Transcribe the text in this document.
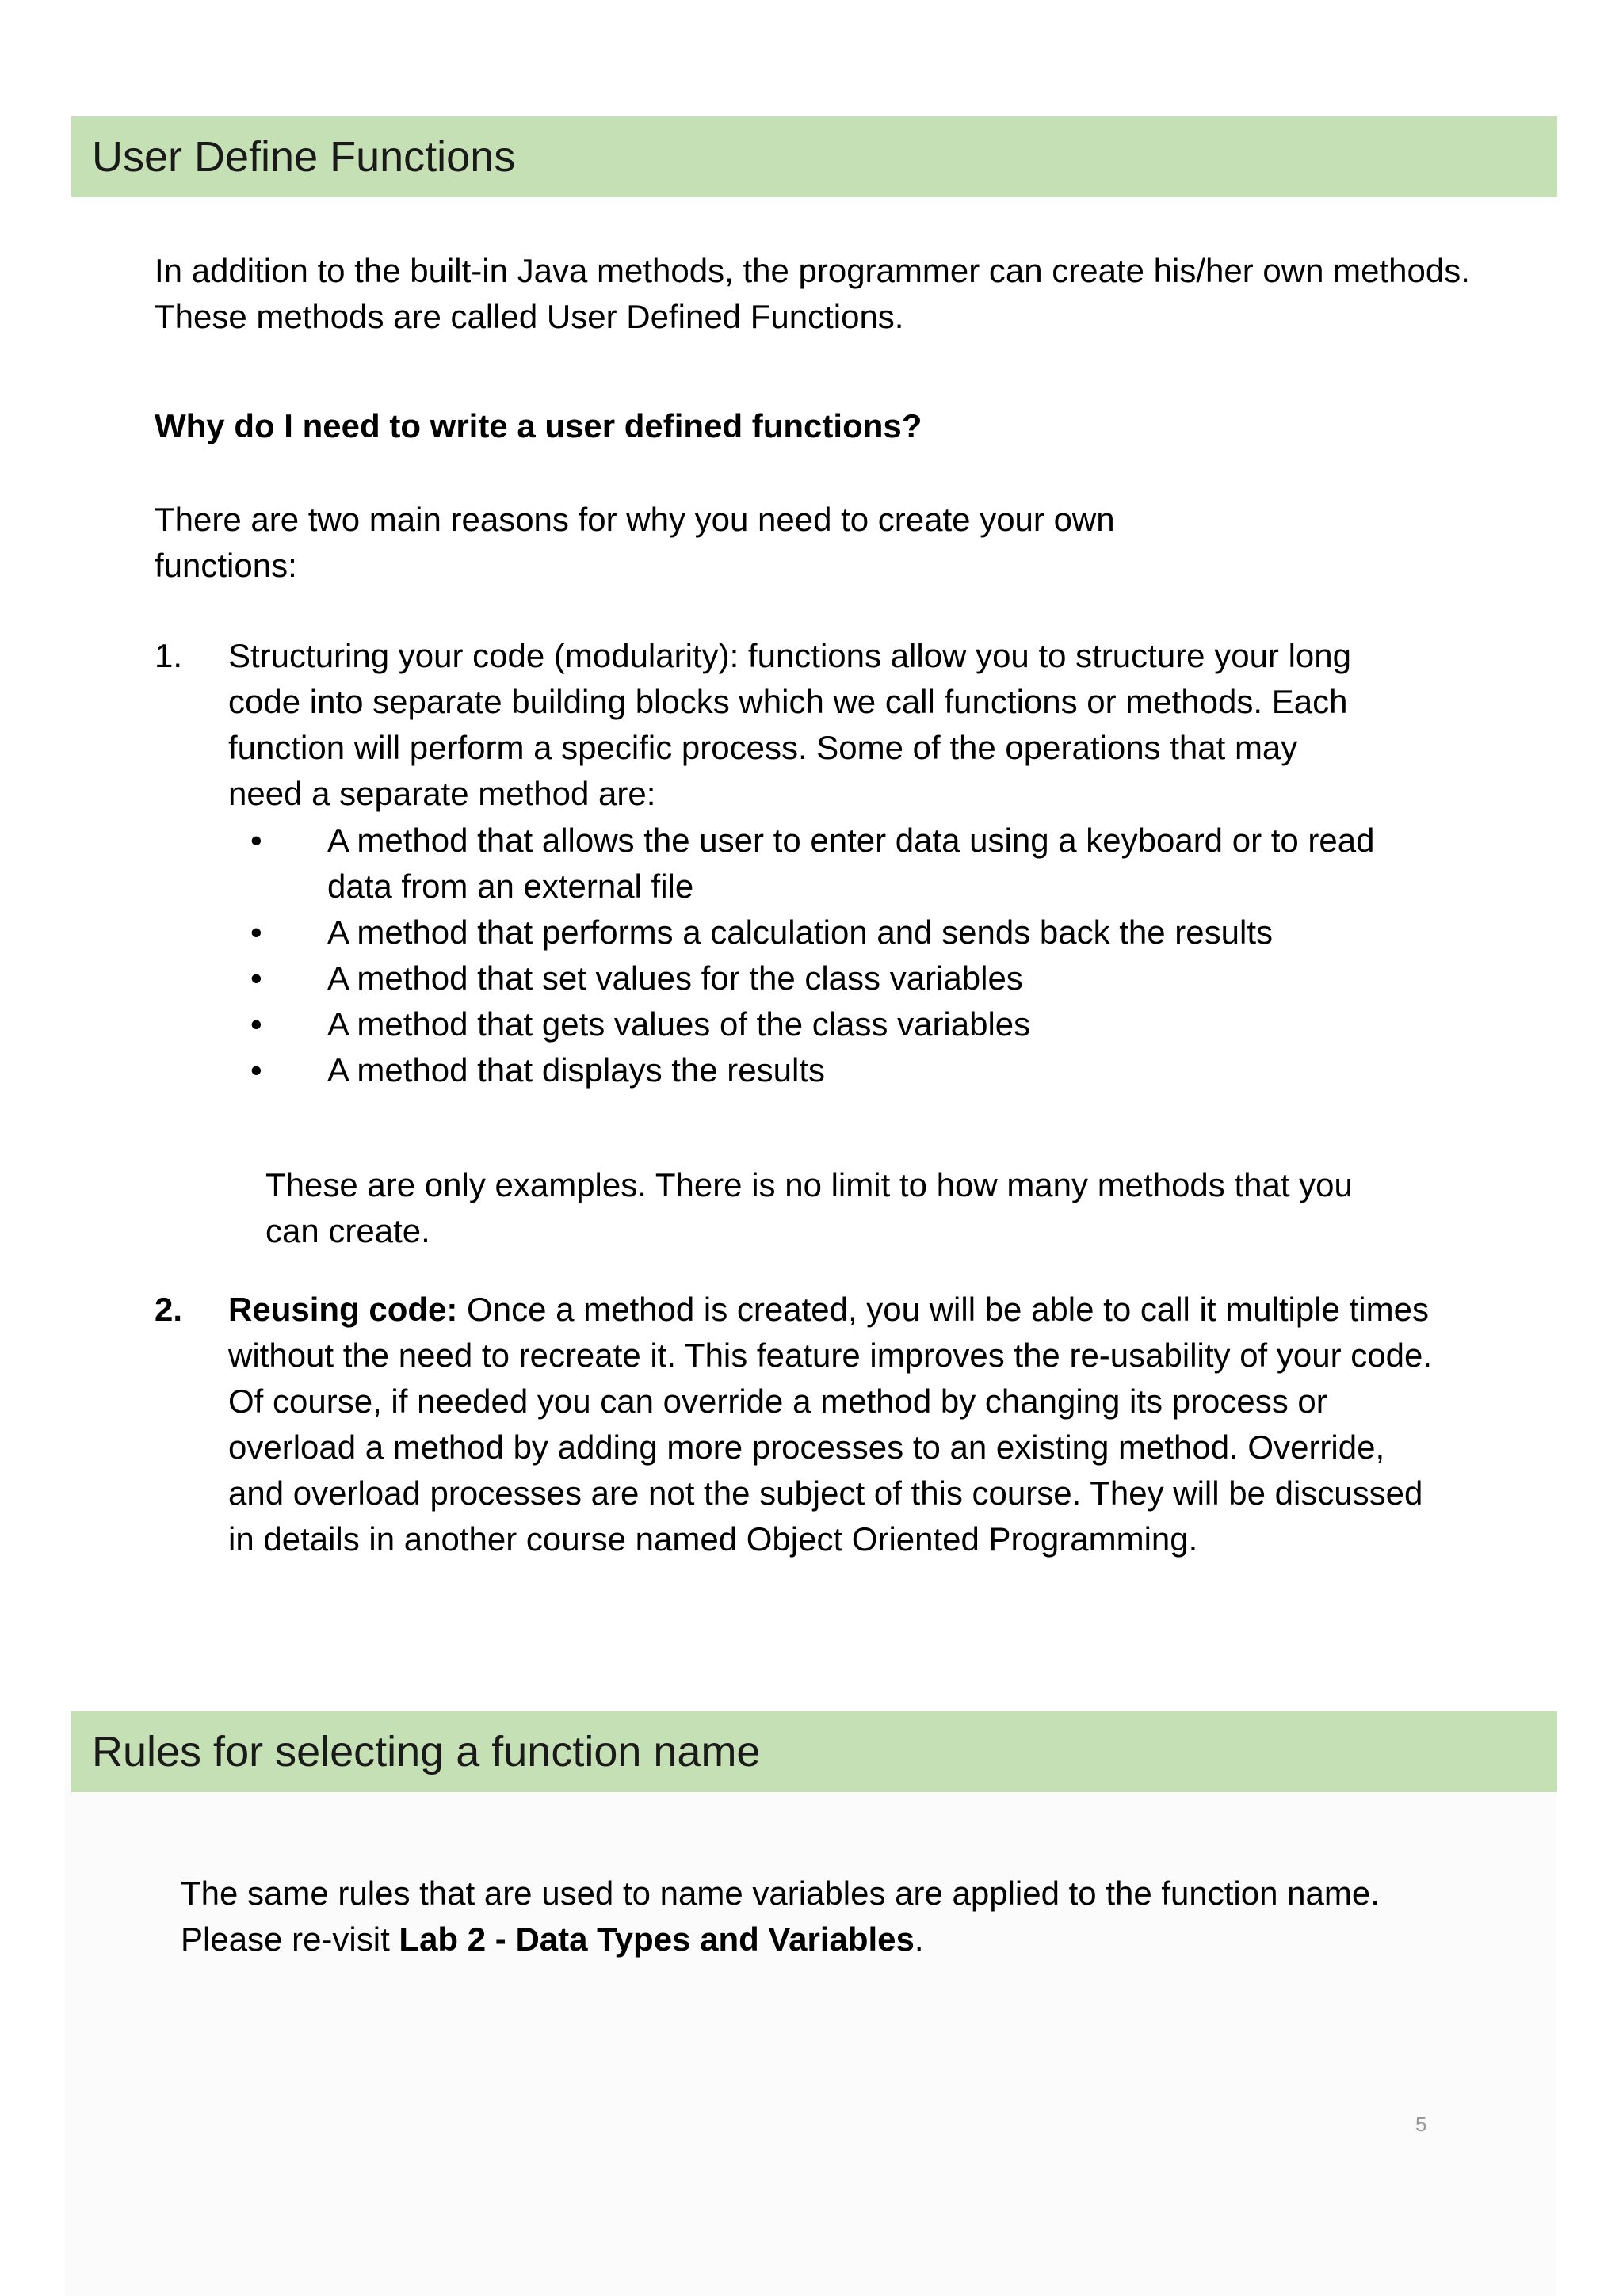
User Define Functions
In addition to the built-in Java methods, the programmer can create his/her own methods. These methods are called User Defined Functions.
Why do I need to write a user defined functions?
There are two main reasons for why you need to create your own functions:
1. Structuring your code (modularity): functions allow you to structure your long code into separate building blocks which we call functions or methods. Each function will perform a specific process. Some of the operations that may need a separate method are:
• A method that allows the user to enter data using a keyboard or to read data from an external file
• A method that performs a calculation and sends back the results
• A method that set values for the class variables
• A method that gets values of the class variables
• A method that displays the results
These are only examples. There is no limit to how many methods that you can create.
2. Reusing code: Once a method is created, you will be able to call it multiple times without the need to recreate it. This feature improves the re-usability of your code. Of course, if needed you can override a method by changing its process or overload a method by adding more processes to an existing method. Override, and overload processes are not the subject of this course. They will be discussed in details in another course named Object Oriented Programming.
Rules for selecting a function name
The same rules that are used to name variables are applied to the function name. Please re-visit Lab 2 - Data Types and Variables.
5
